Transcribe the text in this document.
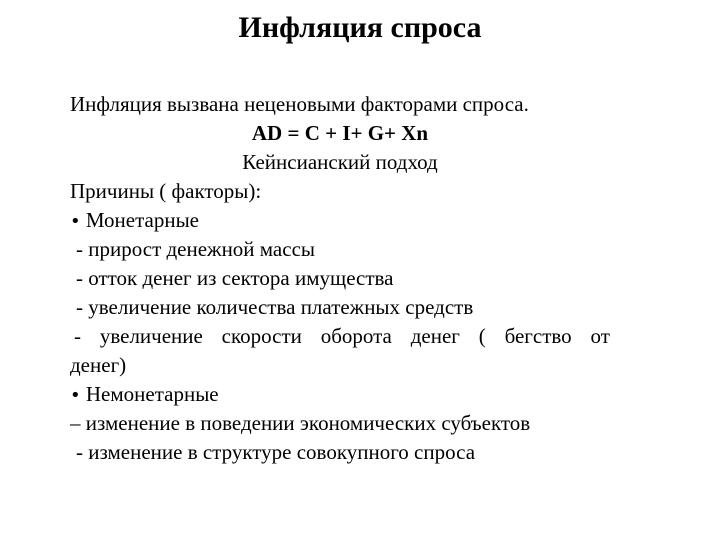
Инфляция спроса
Инфляция вызвана неценовыми факторами спроса.
AD = C + I+ G+ Xn
Кейнсианский подход
Причины ( факторы):
• Монетарные
- прирост денежной массы
- отток денег из сектора имущества
- увеличение количества платежных средств
- увеличение скорости оборота денег ( бегство от
денег)
• Немонетарные
– изменение в поведении экономических субъектов
- изменение в структуре совокупного спроса
